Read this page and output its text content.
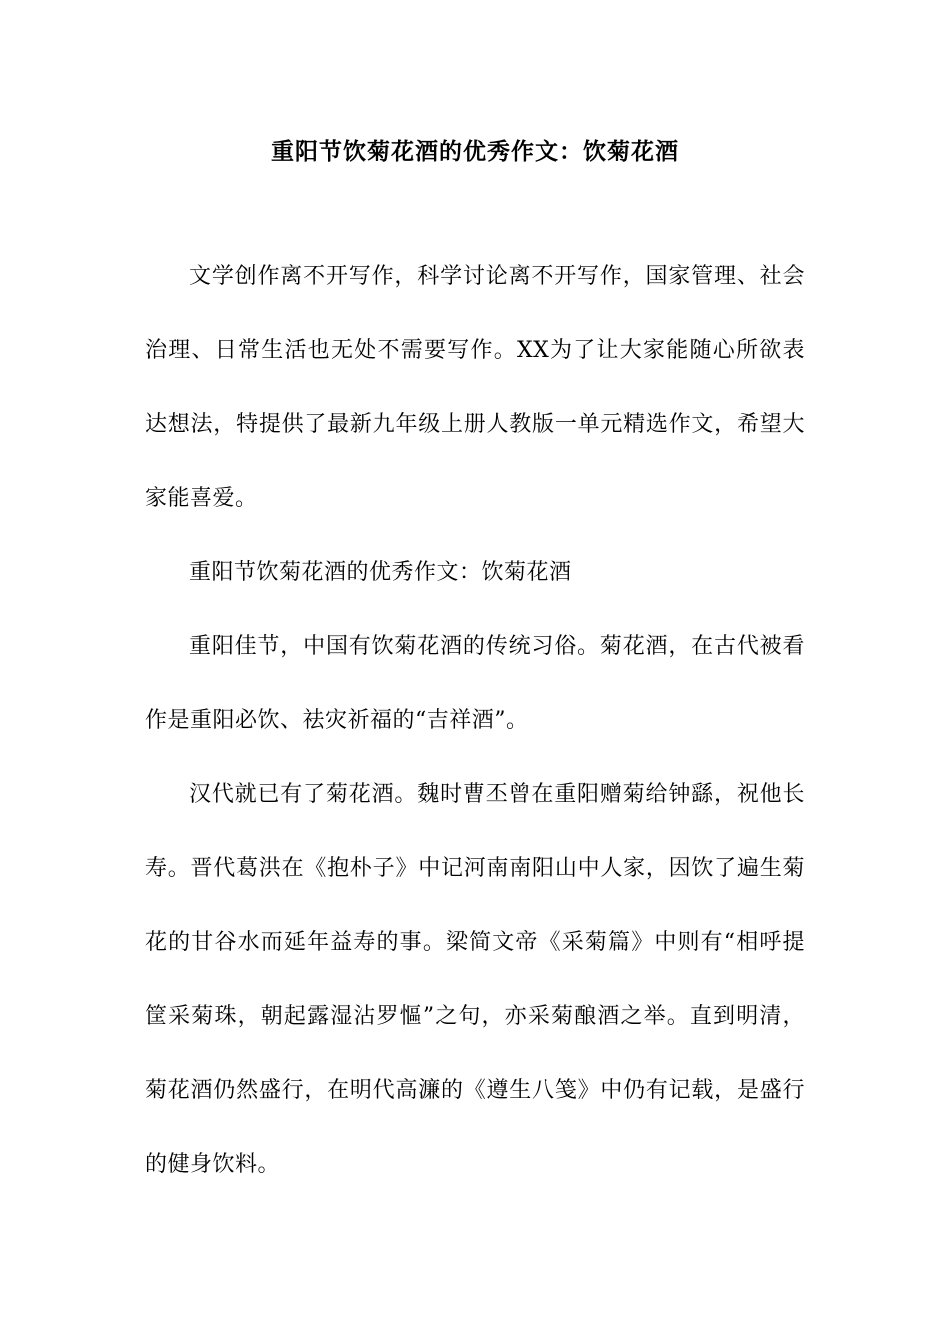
重阳节饮菊花酒的优秀作文：饮菊花酒

文学创作离不开写作，科学讨论离不开写作，国家管理、社会治理、日常生活也无处不需要写作。XX为了让大家能随心所欲表达想法，特提供了最新九年级上册人教版一单元精选作文，希望大家能喜爱。

重阳节饮菊花酒的优秀作文：饮菊花酒

重阳佳节，中国有饮菊花酒的传统习俗。菊花酒，在古代被看作是重阳必饮、祛灾祈福的“吉祥酒”。

汉代就已有了菊花酒。魏时曹丕曾在重阳赠菊给钟繇，祝他长寿。晋代葛洪在《抱朴子》中记河南南阳山中人家，因饮了遍生菊花的甘谷水而延年益寿的事。梁简文帝《采菊篇》中则有“相呼提筐采菊珠，朝起露湿沾罗慪”之句，亦采菊酿酒之举。直到明清，菊花酒仍然盛行，在明代高濂的《遵生八笺》中仍有记载，是盛行的健身饮料。
